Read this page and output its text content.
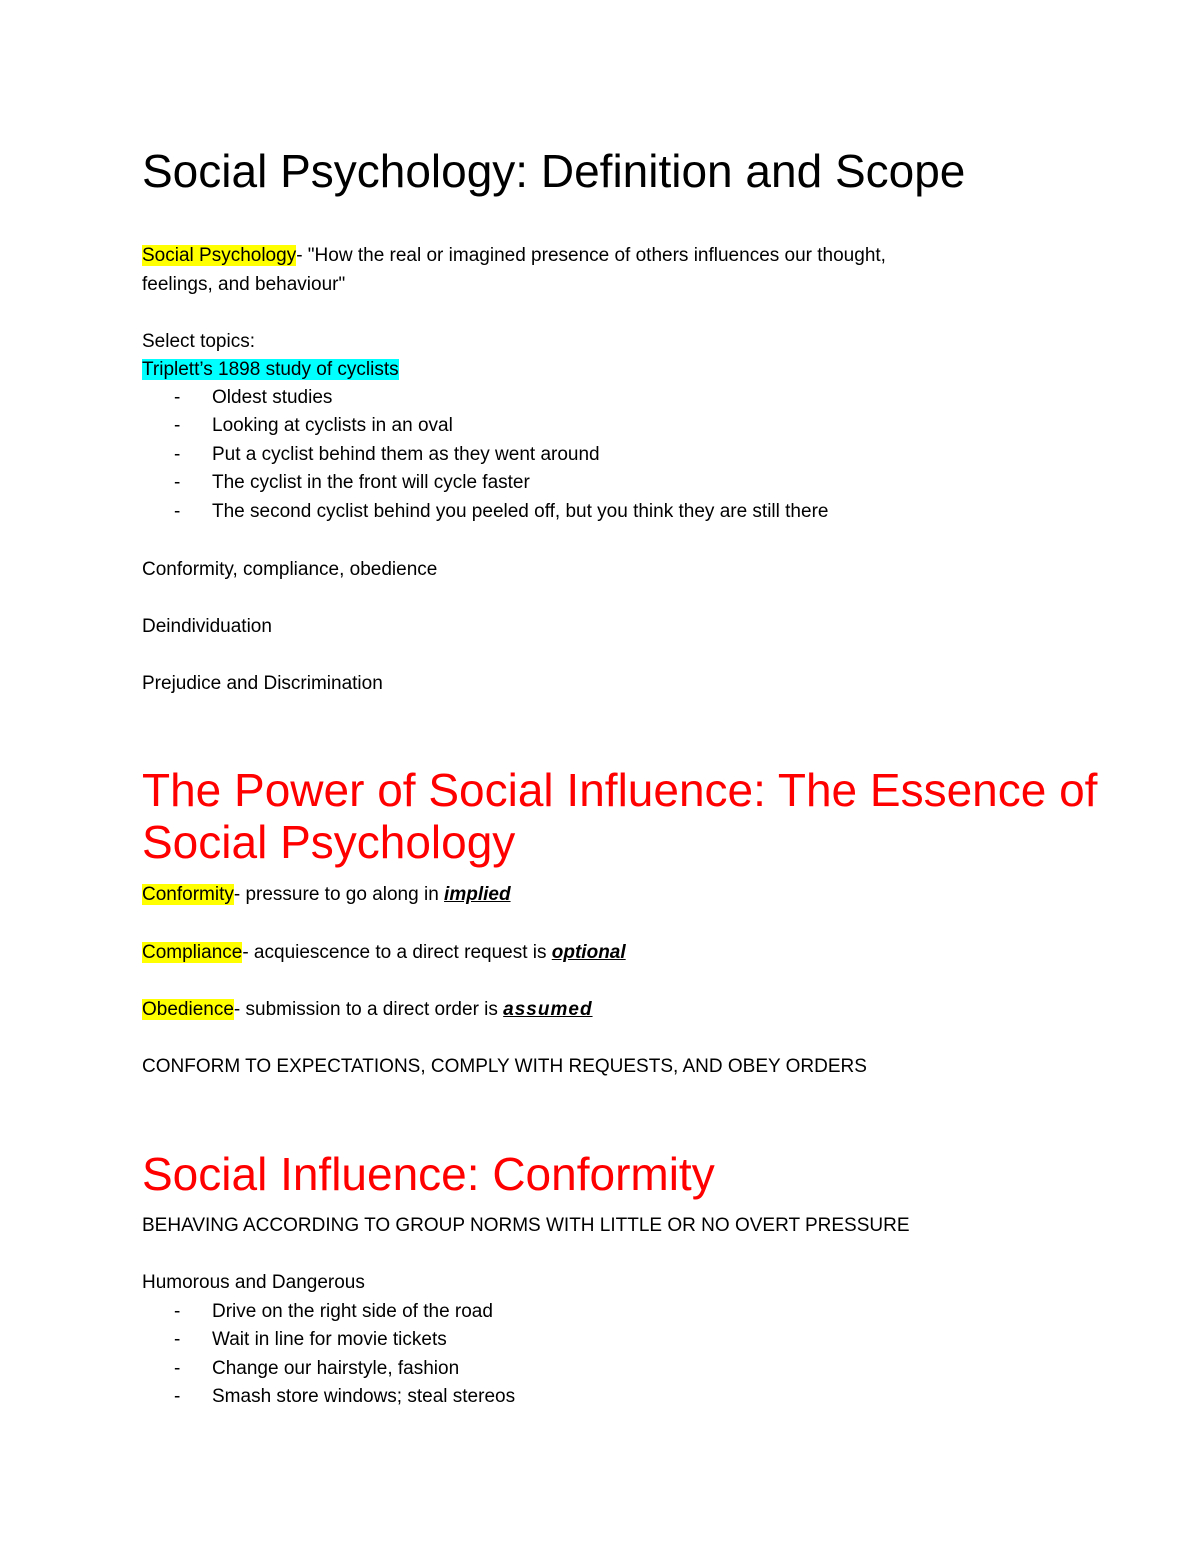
Social Psychology: Definition and Scope
Social Psychology- "How the real or imagined presence of others influences our thought,
feelings, and behaviour"
Select topics:
Triplett’s 1898 study of cyclists
- Oldest studies
- Looking at cyclists in an oval
- Put a cyclist behind them as they went around
- The cyclist in the front will cycle faster
- The second cyclist behind you peeled off, but you think they are still there
Conformity, compliance, obedience
Deindividuation
Prejudice and Discrimination
The Power of Social Influence: The Essence of
Social Psychology
Conformity- pressure to go along in implied
Compliance- acquiescence to a direct request is optional
Obedience- submission to a direct order is assumed
CONFORM TO EXPECTATIONS, COMPLY WITH REQUESTS, AND OBEY ORDERS
Social Influence: Conformity
BEHAVING ACCORDING TO GROUP NORMS WITH LITTLE OR NO OVERT PRESSURE
Humorous and Dangerous
- Drive on the right side of the road
- Wait in line for movie tickets
- Change our hairstyle, fashion
- Smash store windows; steal stereos
